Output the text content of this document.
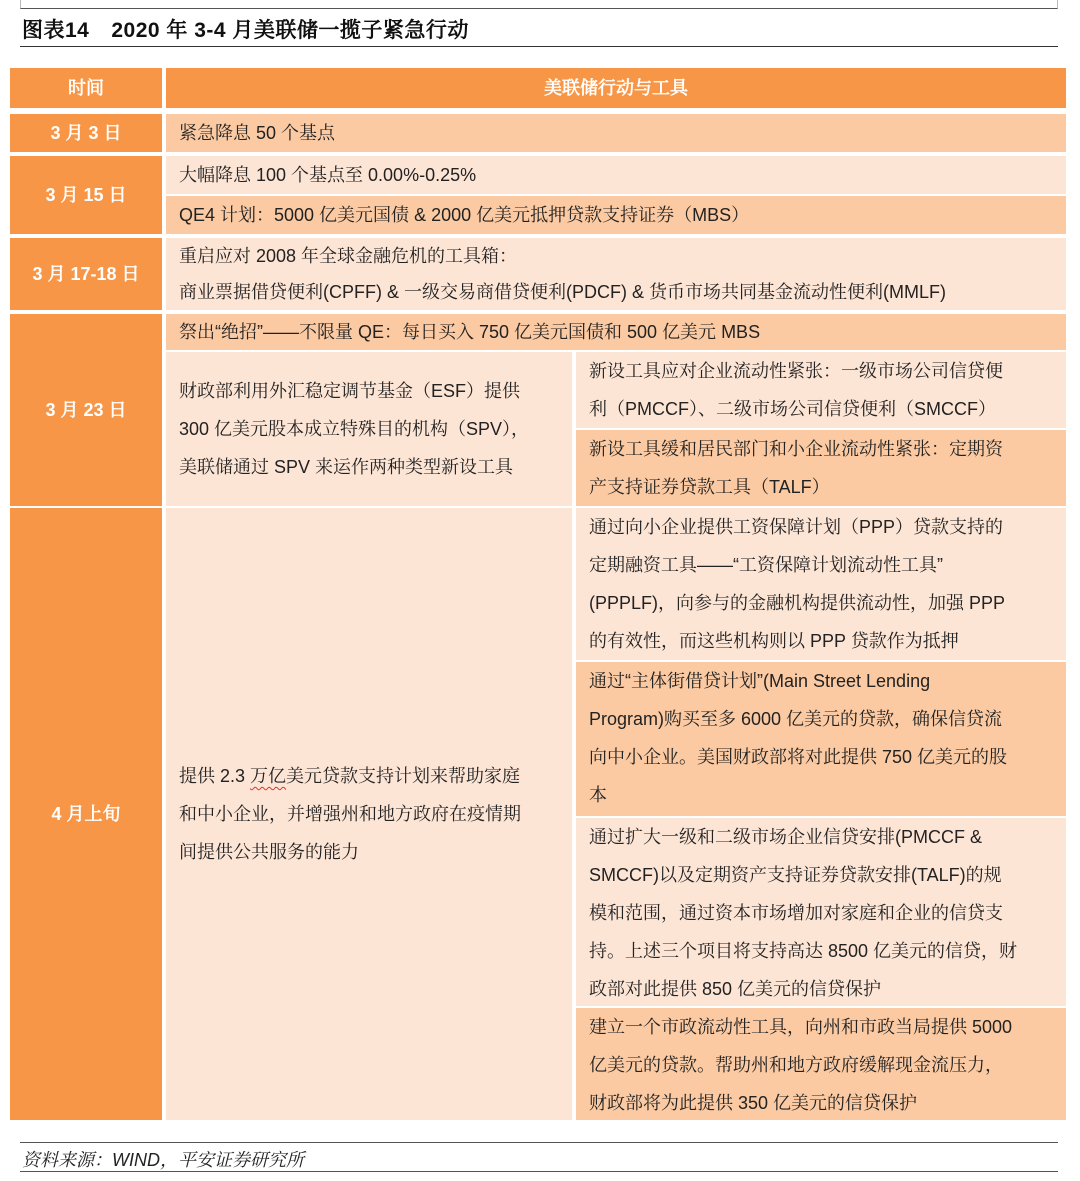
图表14 2020 年 3-4 月美联储一揽子紧急行动
时间	美联储行动与工具
3 月 3 日	紧急降息 50 个基点
3 月 15 日
大幅降息 100 个基点至 0.00%-0.25%
QE4 计划：5000 亿美元国债 & 2000 亿美元抵押贷款支持证券（MBS）
3 月 17-18 日
重启应对 2008 年全球金融危机的工具箱：
商业票据借贷便利(CPFF) & 一级交易商借贷便利(PDCF) & 货币市场共同基金流动性便利(MMLF)
3 月 23 日
祭出“绝招”——不限量 QE：每日买入 750 亿美元国债和 500 亿美元 MBS
财政部利用外汇稳定调节基金（ESF）提供
300 亿美元股本成立特殊目的机构（SPV），
美联储通过 SPV 来运作两种类型新设工具
新设工具应对企业流动性紧张：一级市场公司信贷便
利（PMCCF）、二级市场公司信贷便利（SMCCF）
新设工具缓和居民部门和小企业流动性紧张：定期资
产支持证券贷款工具（TALF）
4 月上旬
提供 2.3 万亿美元贷款支持计划来帮助家庭
和中小企业，并增强州和地方政府在疫情期
间提供公共服务的能力
通过向小企业提供工资保障计划（PPP）贷款支持的
定期融资工具——“工资保障计划流动性工具”
(PPPLF)，向参与的金融机构提供流动性，加强 PPP
的有效性，而这些机构则以 PPP 贷款作为抵押
通过“主体街借贷计划”(Main Street Lending
Program)购买至多 6000 亿美元的贷款，确保信贷流
向中小企业。美国财政部将对此提供 750 亿美元的股
本
通过扩大一级和二级市场企业信贷安排(PMCCF &
SMCCF)以及定期资产支持证券贷款安排(TALF)的规
模和范围，通过资本市场增加对家庭和企业的信贷支
持。上述三个项目将支持高达 8500 亿美元的信贷，财
政部对此提供 850 亿美元的信贷保护
建立一个市政流动性工具，向州和市政当局提供 5000
亿美元的贷款。帮助州和地方政府缓解现金流压力，
财政部将为此提供 350 亿美元的信贷保护
资料来源：WIND，平安证券研究所
